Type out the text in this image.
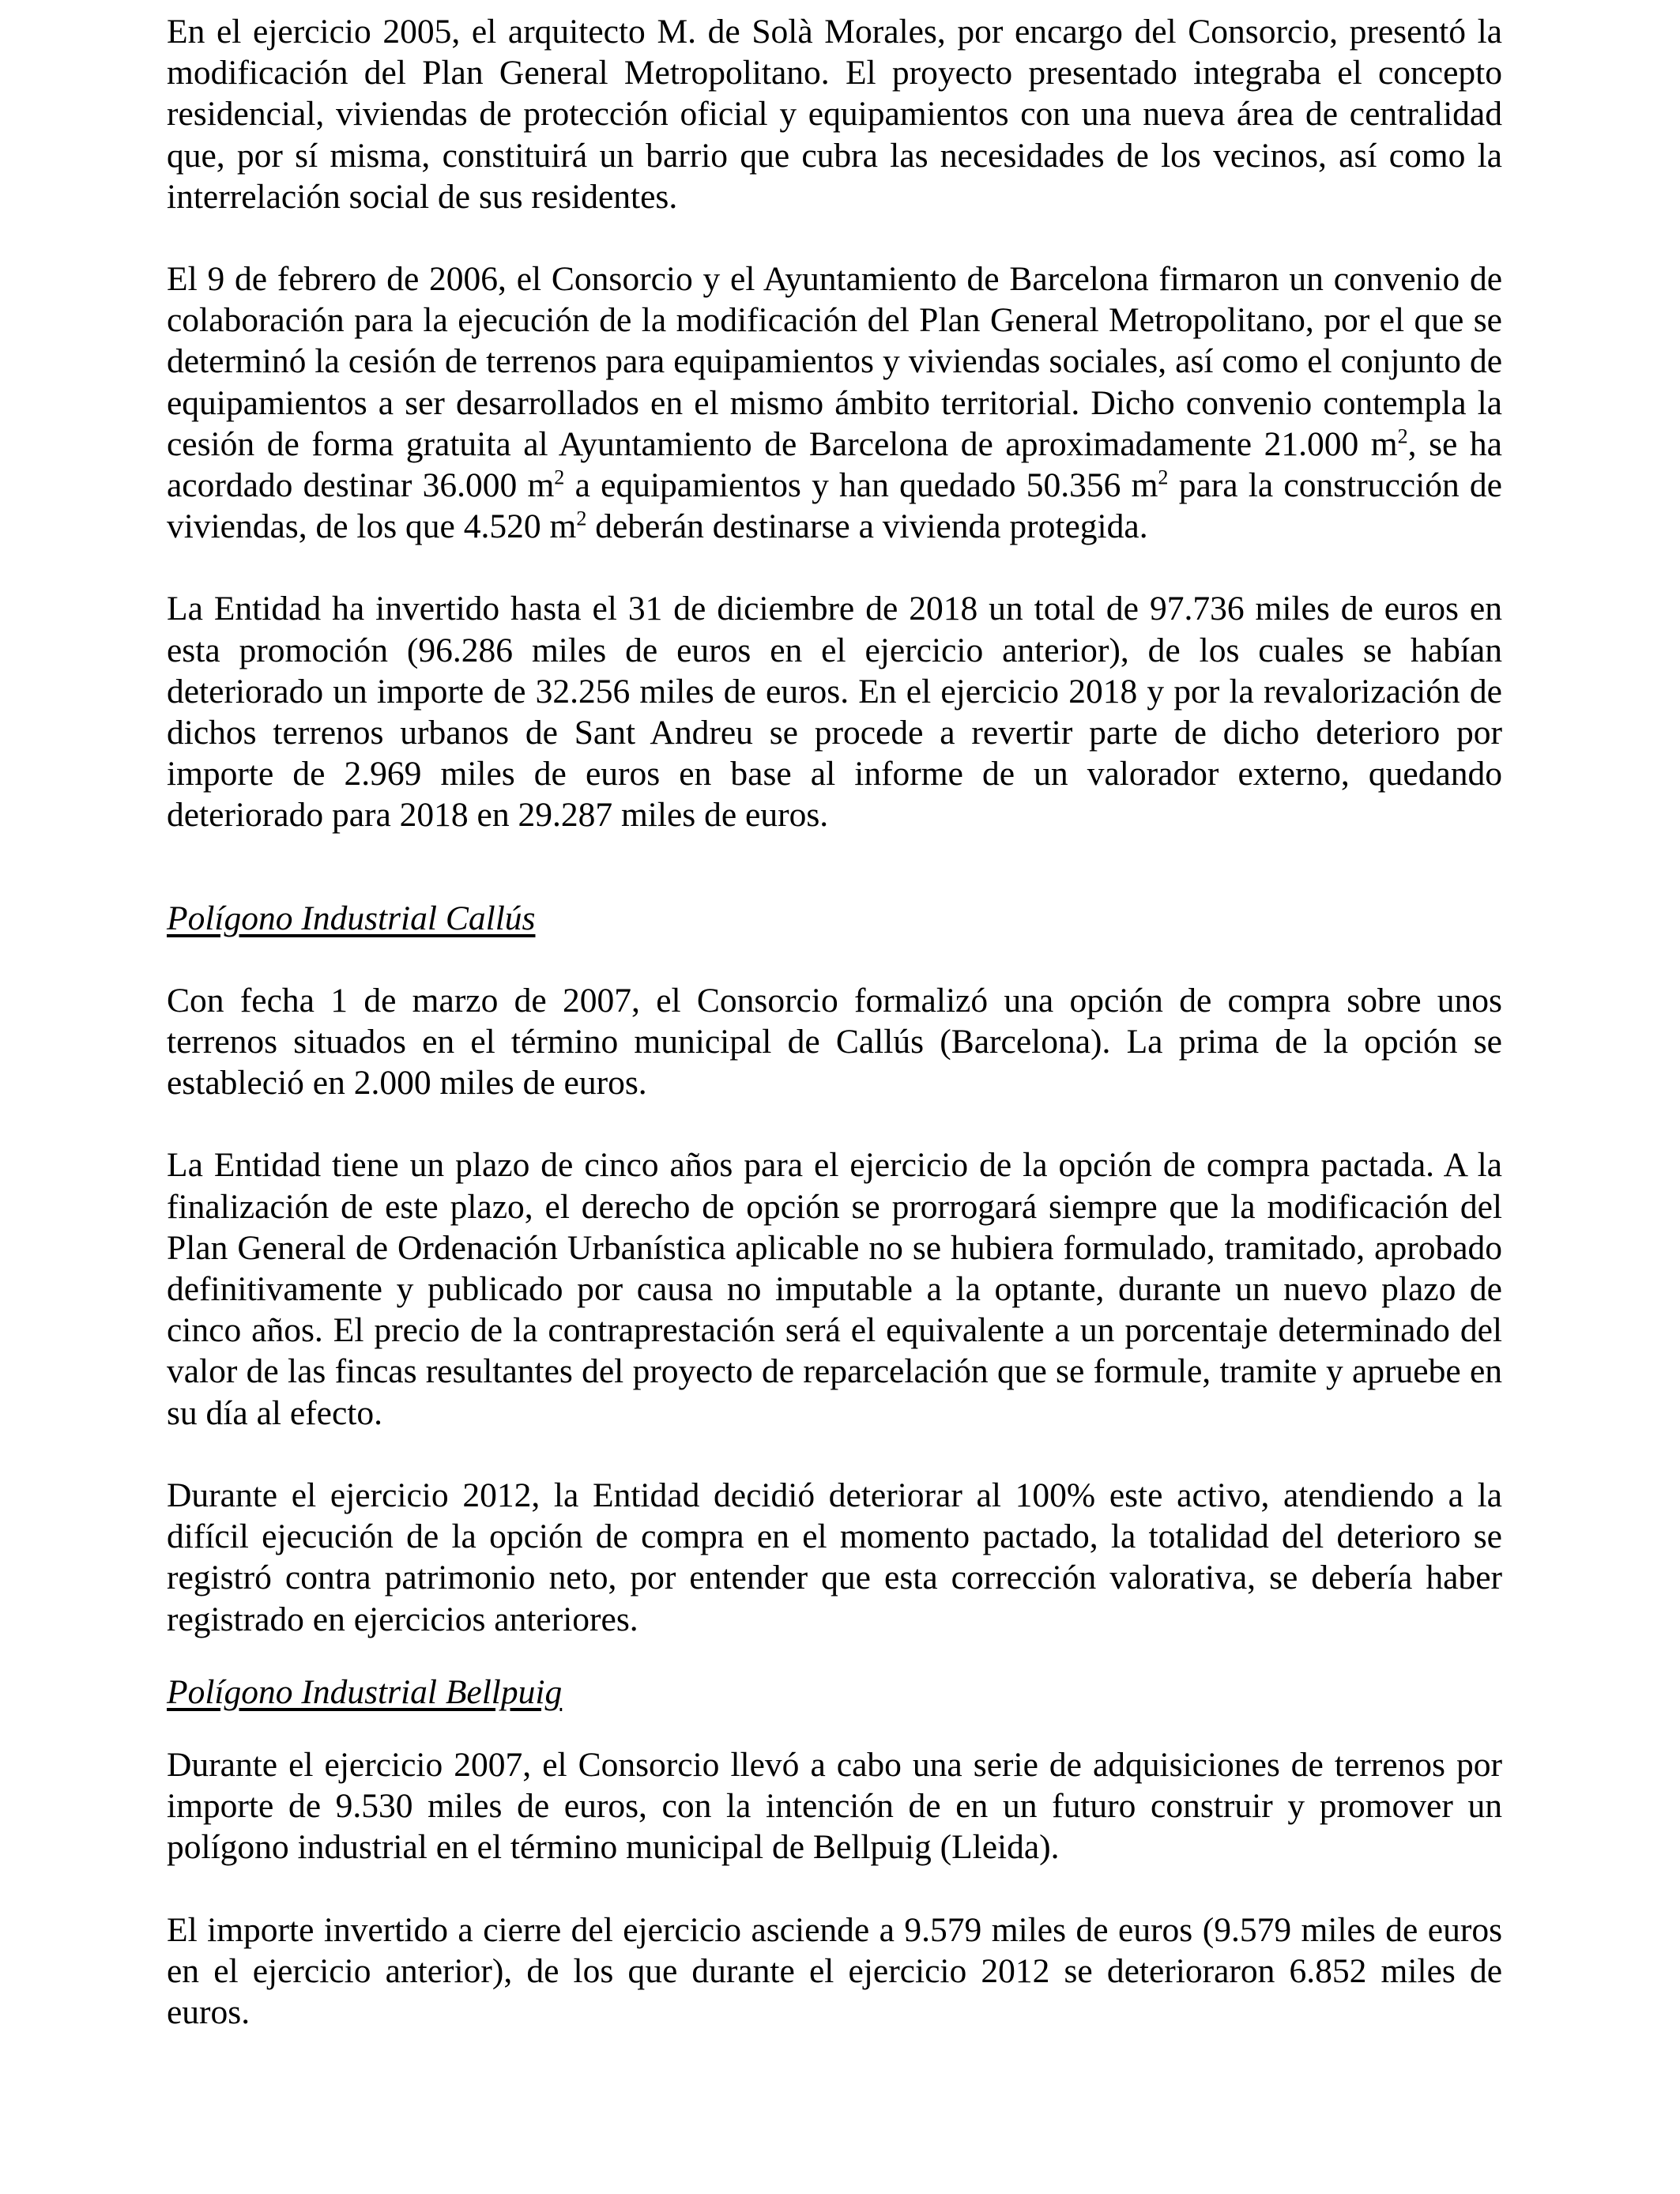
En el ejercicio 2005, el arquitecto M. de Solà Morales, por encargo del Consorcio, presentó la modificación del Plan General Metropolitano. El proyecto presentado integraba el concepto residencial, viviendas de protección oficial y equipamientos con una nueva área de centralidad que, por sí misma, constituirá un barrio que cubra las necesidades de los vecinos, así como la interrelación social de sus residentes.

El 9 de febrero de 2006, el Consorcio y el Ayuntamiento de Barcelona firmaron un convenio de colaboración para la ejecución de la modificación del Plan General Metropolitano, por el que se determinó la cesión de terrenos para equipamientos y viviendas sociales, así como el conjunto de equipamientos a ser desarrollados en el mismo ámbito territorial. Dicho convenio contempla la cesión de forma gratuita al Ayuntamiento de Barcelona de aproximadamente 21.000 $m^2$, se ha acordado destinar 36.000 $m^2$ a equipamientos y han quedado 50.356 $m^2$ para la construcción de viviendas, de los que 4.520 $m^2$ deberán destinarse a vivienda protegida.

La Entidad ha invertido hasta el 31 de diciembre de 2018 un total de 97.736 miles de euros en esta promoción (96.286 miles de euros en el ejercicio anterior), de los cuales se habían deteriorado un importe de 32.256 miles de euros. En el ejercicio 2018 y por la revalorización de dichos terrenos urbanos de Sant Andreu se procede a revertir parte de dicho deterioro por importe de 2.969 miles de euros en base al informe de un valorador externo, quedando deteriorado para 2018 en 29.287 miles de euros.

Polígono Industrial Callús

Con fecha 1 de marzo de 2007, el Consorcio formalizó una opción de compra sobre unos terrenos situados en el término municipal de Callús (Barcelona). La prima de la opción se estableció en 2.000 miles de euros.

La Entidad tiene un plazo de cinco años para el ejercicio de la opción de compra pactada. A la finalización de este plazo, el derecho de opción se prorrogará siempre que la modificación del Plan General de Ordenación Urbanística aplicable no se hubiera formulado, tramitado, aprobado definitivamente y publicado por causa no imputable a la optante, durante un nuevo plazo de cinco años. El precio de la contraprestación será el equivalente a un porcentaje determinado del valor de las fincas resultantes del proyecto de reparcelación que se formule, tramite y apruebe en su día al efecto.

Durante el ejercicio 2012, la Entidad decidió deteriorar al 100% este activo, atendiendo a la difícil ejecución de la opción de compra en el momento pactado, la totalidad del deterioro se registró contra patrimonio neto, por entender que esta corrección valorativa, se debería haber registrado en ejercicios anteriores.

Polígono Industrial Bellpuig

Durante el ejercicio 2007, el Consorcio llevó a cabo una serie de adquisiciones de terrenos por importe de 9.530 miles de euros, con la intención de en un futuro construir y promover un polígono industrial en el término municipal de Bellpuig (Lleida).

El importe invertido a cierre del ejercicio asciende a 9.579 miles de euros (9.579 miles de euros en el ejercicio anterior), de los que durante el ejercicio 2012 se deterioraron 6.852 miles de euros.
